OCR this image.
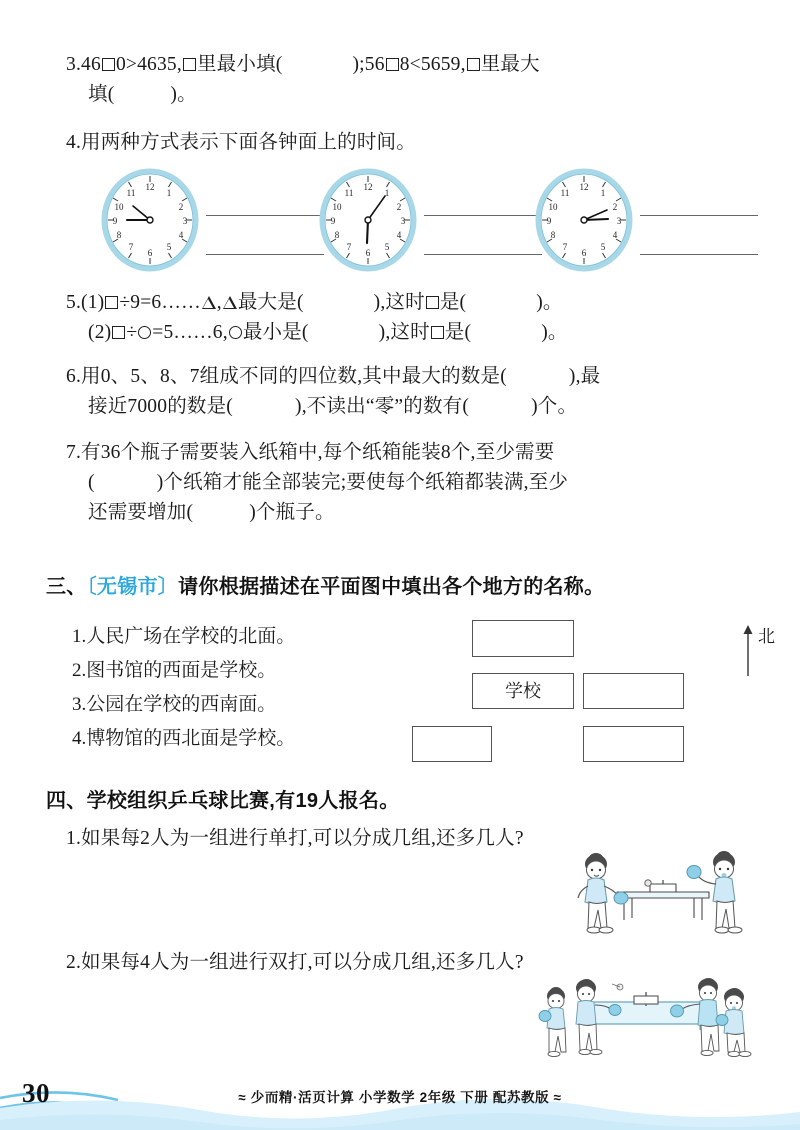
3.46 0>4635, 里最小填(	);56 8<5659, 里最大
填(	)。
4.用两种方式表示下面各钟面上的时间。
12
1
2
3
4
5
6
7
8
9
10
11
12
1
2
3
4
5
6
7
8
9
10
11
12
1
2
3
4
5
6
7
8
9
10
11
5.(1) ÷9=6…… , 最大是(	),这时 是(	)。
(2) ÷ =5……6, 最小是(	),这时 是(	)。
6.用0、5、8、7组成不同的四位数,其中最大的数是(	),最
接近7000的数是(	),不读出“零”的数有(	)个。
7.有36个瓶子需要装入纸箱中,每个纸箱能装8个,至少需要
(	)个纸箱才能全部装完;要使每个纸箱都装满,至少
还需要增加(	)个瓶子。
三、〔无锡市〕请你根据描述在平面图中填出各个地方的名称。
1.人民广场在学校的北面。
2.图书馆的西面是学校。
3.公园在学校的西南面。
4.博物馆的西北面是学校。
学校
北
四、学校组织乒乓球比赛,有19人报名。
1.如果每2人为一组进行单打,可以分成几组,还多几人?
2.如果每4人为一组进行双打,可以分成几组,还多几人?
30	≈ 少而精·活页计算 小学数学 2年级 下册 配苏教版 ≈
